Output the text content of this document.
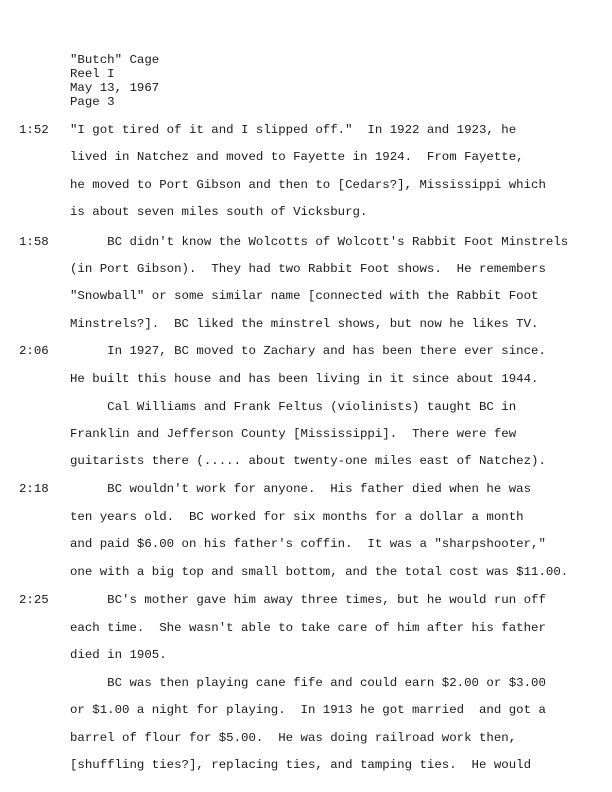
"Butch" Cage
Reel I
May 13, 1967
Page 3
1:52
1:58
2:06
2:18
2:25
"I got tired of it and I slipped off."  In 1922 and 1923, he
lived in Natchez and moved to Fayette in 1924.  From Fayette,
he moved to Port Gibson and then to [Cedars?], Mississippi which
is about seven miles south of Vicksburg.
BC didn't know the Wolcotts of Wolcott's Rabbit Foot Minstrels
(in Port Gibson).  They had two Rabbit Foot shows.  He remembers
"Snowball" or some similar name [connected with the Rabbit Foot
Minstrels?].  BC liked the minstrel shows, but now he likes TV.
In 1927, BC moved to Zachary and has been there ever since.
He built this house and has been living in it since about 1944.
Cal Williams and Frank Feltus (violinists) taught BC in
Franklin and Jefferson County [Mississippi].  There were few
guitarists there (..... about twenty-one miles east of Natchez).
BC wouldn't work for anyone.  His father died when he was
ten years old.  BC worked for six months for a dollar a month
and paid $6.00 on his father's coffin.  It was a "sharpshooter,"
one with a big top and small bottom, and the total cost was $11.00.
BC's mother gave him away three times, but he would run off
each time.  She wasn't able to take care of him after his father
died in 1905.
BC was then playing cane fife and could earn $2.00 or $3.00
or $1.00 a night for playing.  In 1913 he got married  and got a
barrel of flour for $5.00.  He was doing railroad work then,
[shuffling ties?], replacing ties, and tamping ties.  He would
